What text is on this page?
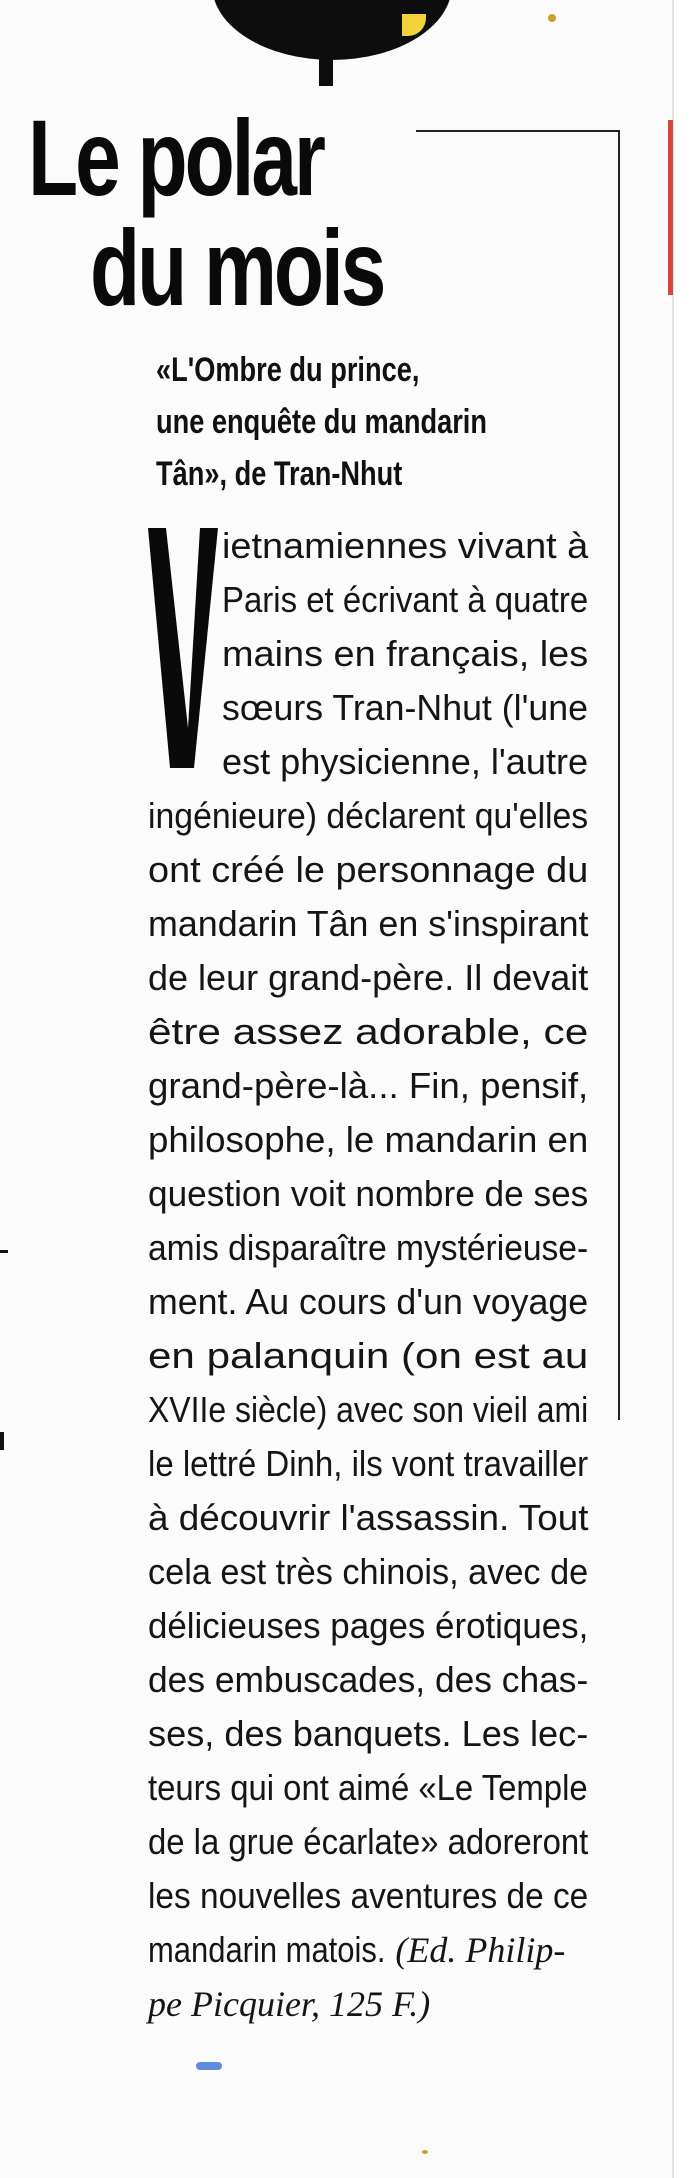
Le polar
du mois
«L'Ombre du prince,
une enquête du mandarin
Tân», de Tran-Nhut
ietnamiennes vivant à
Paris et écrivant à quatre
mains en français, les
sœurs Tran-Nhut (l'une
est physicienne, l'autre
ingénieure) déclarent qu'elles
ont créé le personnage du
mandarin Tân en s'inspirant
de leur grand-père. Il devait
être assez adorable, ce
grand-père-là... Fin, pensif,
philosophe, le mandarin en
question voit nombre de ses
amis disparaître mystérieuse-
ment. Au cours d'un voyage
en palanquin (on est au
XVIIe siècle) avec son vieil ami
le lettré Dinh, ils vont travailler
à découvrir l'assassin. Tout
cela est très chinois, avec de
délicieuses pages érotiques,
des embuscades, des chas-
ses, des banquets. Les lec-
teurs qui ont aimé «Le Temple
de la grue écarlate» adoreront
les nouvelles aventures de ce
mandarin matois. (Ed. Philip-
pe Picquier, 125 F.)
